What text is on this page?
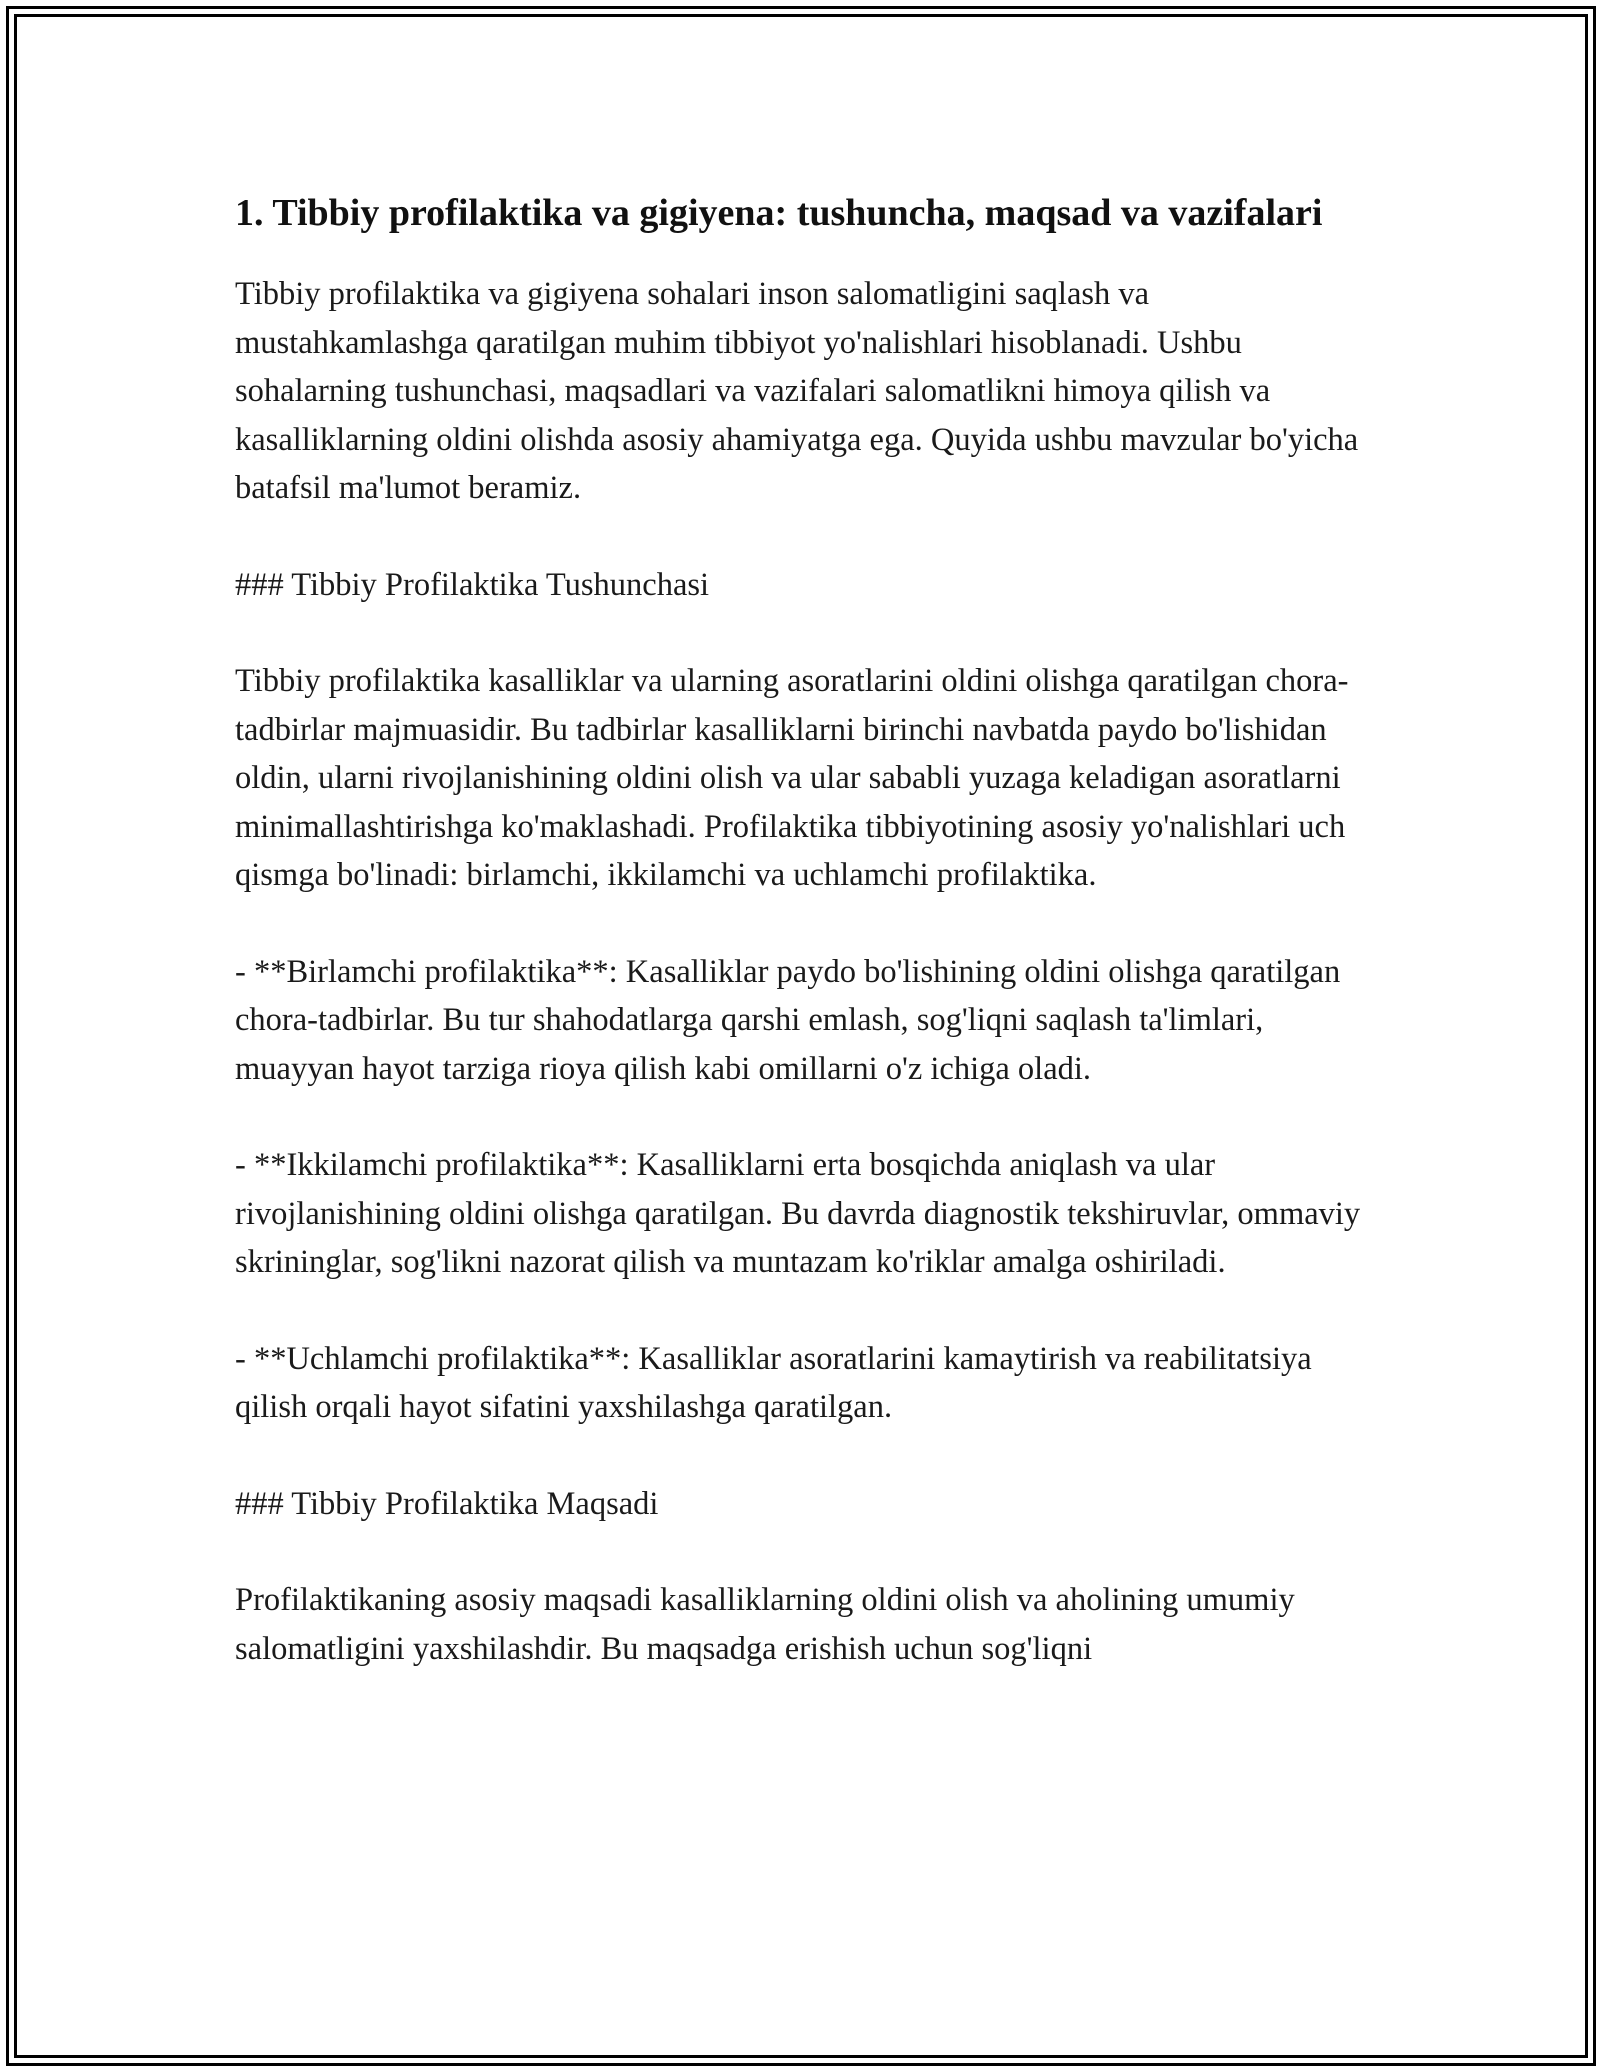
1. Tibbiy profilaktika va gigiyena: tushuncha, maqsad va vazifalari

Tibbiy profilaktika va gigiyena sohalari inson salomatligini saqlash va mustahkamlashga qaratilgan muhim tibbiyot yo'nalishlari hisoblanadi. Ushbu sohalarning tushunchasi, maqsadlari va vazifalari salomatlikni himoya qilish va kasalliklarning oldini olishda asosiy ahamiyatga ega. Quyida ushbu mavzular bo'yicha batafsil ma'lumot beramiz.

### Tibbiy Profilaktika Tushunchasi

Tibbiy profilaktika kasalliklar va ularning asoratlarini oldini olishga qaratilgan chora-tadbirlar majmuasidir. Bu tadbirlar kasalliklarni birinchi navbatda paydo bo'lishidan oldin, ularni rivojlanishining oldini olish va ular sababli yuzaga keladigan asoratlarni minimallashtirishga ko'maklashadi. Profilaktika tibbiyotining asosiy yo'nalishlari uch qismga bo'linadi: birlamchi, ikkilamchi va uchlamchi profilaktika.

- **Birlamchi profilaktika**: Kasalliklar paydo bo'lishining oldini olishga qaratilgan chora-tadbirlar. Bu tur shahodatlarga qarshi emlash, sog'liqni saqlash ta'limlari, muayyan hayot tarziga rioya qilish kabi omillarni o'z ichiga oladi.

- **Ikkilamchi profilaktika**: Kasalliklarni erta bosqichda aniqlash va ular rivojlanishining oldini olishga qaratilgan. Bu davrda diagnostik tekshiruvlar, ommaviy skrininglar, sog'likni nazorat qilish va muntazam ko'riklar amalga oshiriladi.

- **Uchlamchi profilaktika**: Kasalliklar asoratlarini kamaytirish va reabilitatsiya qilish orqali hayot sifatini yaxshilashga qaratilgan.

### Tibbiy Profilaktika Maqsadi

Profilaktikaning asosiy maqsadi kasalliklarning oldini olish va aholining umumiy salomatligini yaxshilashdir. Bu maqsadga erishish uchun sog'liqni
